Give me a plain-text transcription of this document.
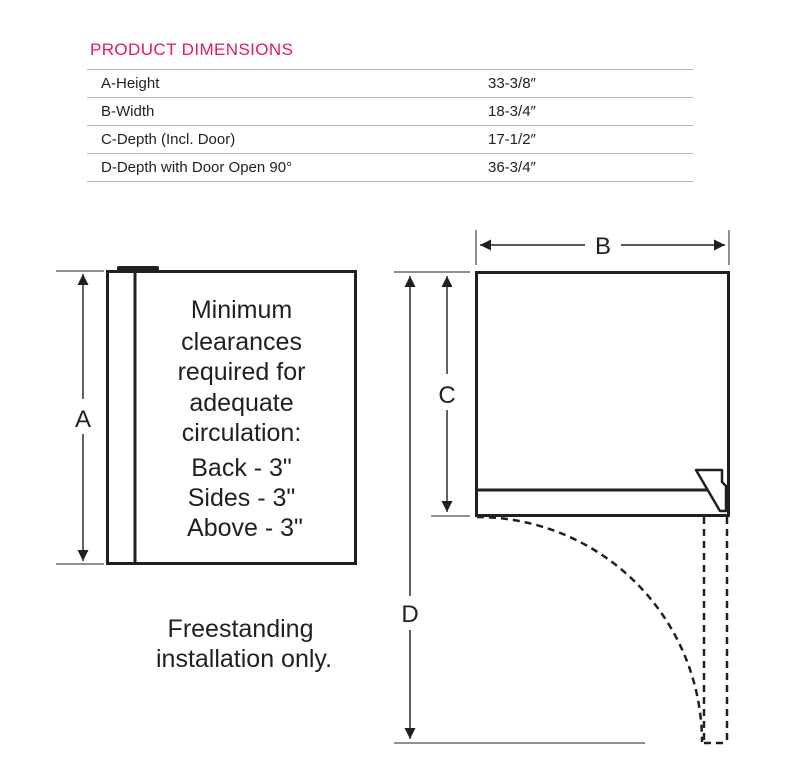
PRODUCT DIMENSIONS
A-Height	33-3/8″
B-Width	18-3/4″
C-Depth (Incl. Door)	17-1/2″
D-Depth with Door Open 90°	36-3/4″
A
Minimum clearances required for adequate circulation: Back - 3" Sides - 3" Above - 3"
Freestanding installation only.
B
C
D
